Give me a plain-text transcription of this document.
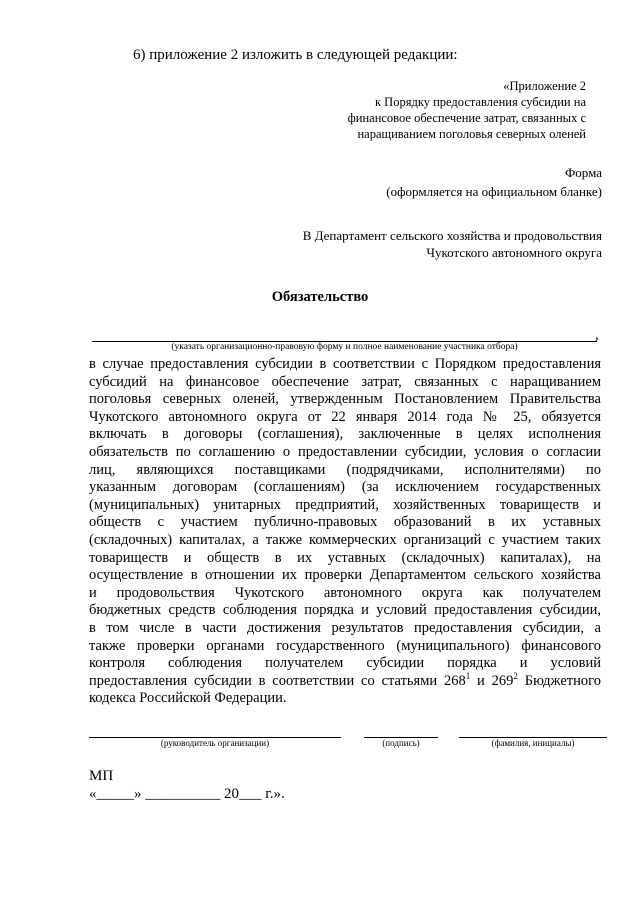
6) приложение 2 изложить в следующей редакции:
«Приложение 2
к Порядку предоставления субсидии на
финансовое обеспечение затрат, связанных с
наращиванием поголовья северных оленей
Форма
(оформляется на официальном бланке)
В Департамент сельского хозяйства и продовольствия
Чукотского автономного округа
Обязательство
,
(указать организационно-правовую форму и полное наименование участника отбора)
в случае предоставления субсидии в соответствии с Порядком предоставления
субсидий на финансовое обеспечение затрат, связанных с наращиванием
поголовья северных оленей, утвержденным Постановлением Правительства
Чукотского автономного округа от 22 января 2014 года № 25, обязуется
включать в договоры (соглашения), заключенные в целях исполнения
обязательств по соглашению о предоставлении субсидии, условия о согласии
лиц, являющихся поставщиками (подрядчиками, исполнителями) по
указанным договорам (соглашениям) (за исключением государственных
(муниципальных) унитарных предприятий, хозяйственных товариществ и
обществ с участием публично-правовых образований в их уставных
(складочных) капиталах, а также коммерческих организаций с участием таких
товариществ и обществ в их уставных (складочных) капиталах), на
осуществление в отношении их проверки Департаментом сельского хозяйства
и продовольствия Чукотского автономного округа как получателем
бюджетных средств соблюдения порядка и условий предоставления субсидии,
в том числе в части достижения результатов предоставления субсидии, а
также проверки органами государственного (муниципального) финансового
контроля соблюдения получателем субсидии порядка и условий
предоставления субсидии в соответствии со статьями $268^1$ и $269^2$ Бюджетного
кодекса Российской Федерации.
(руководитель организации)	(подпись)	(фамилия, инициалы)
МП
«_____» __________ 20___ г.».
